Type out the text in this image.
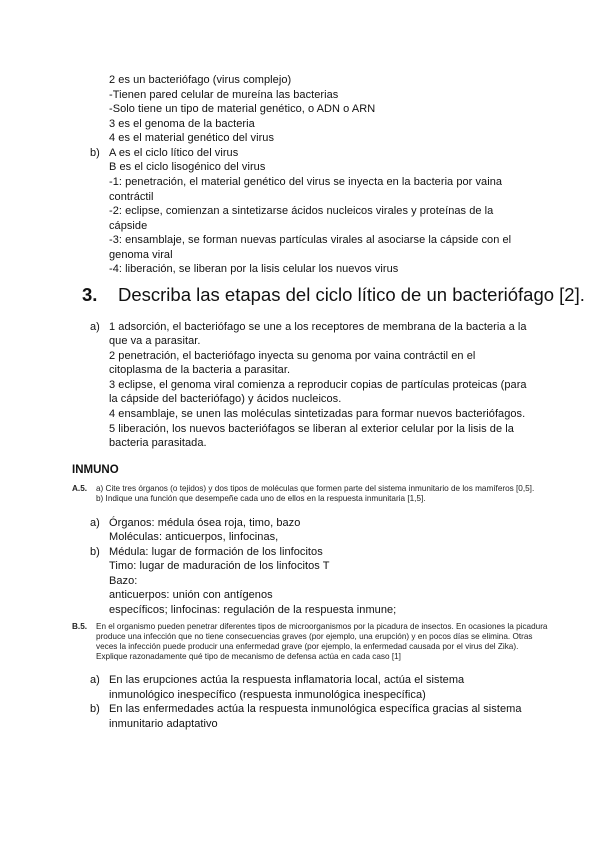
2 es un bacteriófago (virus complejo)
-Tienen pared celular de mureína las bacterias
-Solo tiene un tipo de material genético, o ADN o ARN
3 es el genoma de la bacteria
4 es el material genético del virus
b) A es el ciclo lítico del virus
B es el ciclo lisogénico del virus
-1: penetración, el material genético del virus se inyecta en la bacteria por vaina
contráctil
-2: eclipse, comienzan a sintetizarse ácidos nucleicos virales y proteínas de la
cápside
-3: ensamblaje, se forman nuevas partículas virales al asociarse la cápside con el
genoma viral
-4: liberación, se liberan por la lisis celular los nuevos virus
3. Describa las etapas del ciclo lítico de un bacteriófago [2].
a) 1 adsorción, el bacteriófago se une a los receptores de membrana de la bacteria a la
que va a parasitar.
2 penetración, el bacteriófago inyecta su genoma por vaina contráctil en el
citoplasma de la bacteria a parasitar.
3 eclipse, el genoma viral comienza a reproducir copias de partículas proteicas (para
la cápside del bacteriófago) y ácidos nucleicos.
4 ensamblaje, se unen las moléculas sintetizadas para formar nuevos bacteriófagos.
5 liberación, los nuevos bacteriófagos se liberan al exterior celular por la lisis de la
bacteria parasitada.
INMUNO
A.5. a) Cite tres órganos (o tejidos) y dos tipos de moléculas que formen parte del sistema inmunitario de los mamíferos [0,5].
b) Indique una función que desempeñe cada uno de ellos en la respuesta inmunitaria [1,5].
a) Órganos: médula ósea roja, timo, bazo
Moléculas: anticuerpos, linfocinas,
b) Médula: lugar de formación de los linfocitos
Timo: lugar de maduración de los linfocitos T
Bazo:
anticuerpos: unión con antígenos
específicos; linfocinas: regulación de la respuesta inmune;
B.5. En el organismo pueden penetrar diferentes tipos de microorganismos por la picadura de insectos. En ocasiones la picadura
produce una infección que no tiene consecuencias graves (por ejemplo, una erupción) y en pocos días se elimina. Otras
veces la infección puede producir una enfermedad grave (por ejemplo, la enfermedad causada por el virus del Zika).
Explique razonadamente qué tipo de mecanismo de defensa actúa en cada caso [1]
a) En las erupciones actúa la respuesta inflamatoria local, actúa el sistema
inmunológico inespecífico (respuesta inmunológica inespecífica)
b) En las enfermedades actúa la respuesta inmunológica específica gracias al sistema
inmunitario adaptativo
